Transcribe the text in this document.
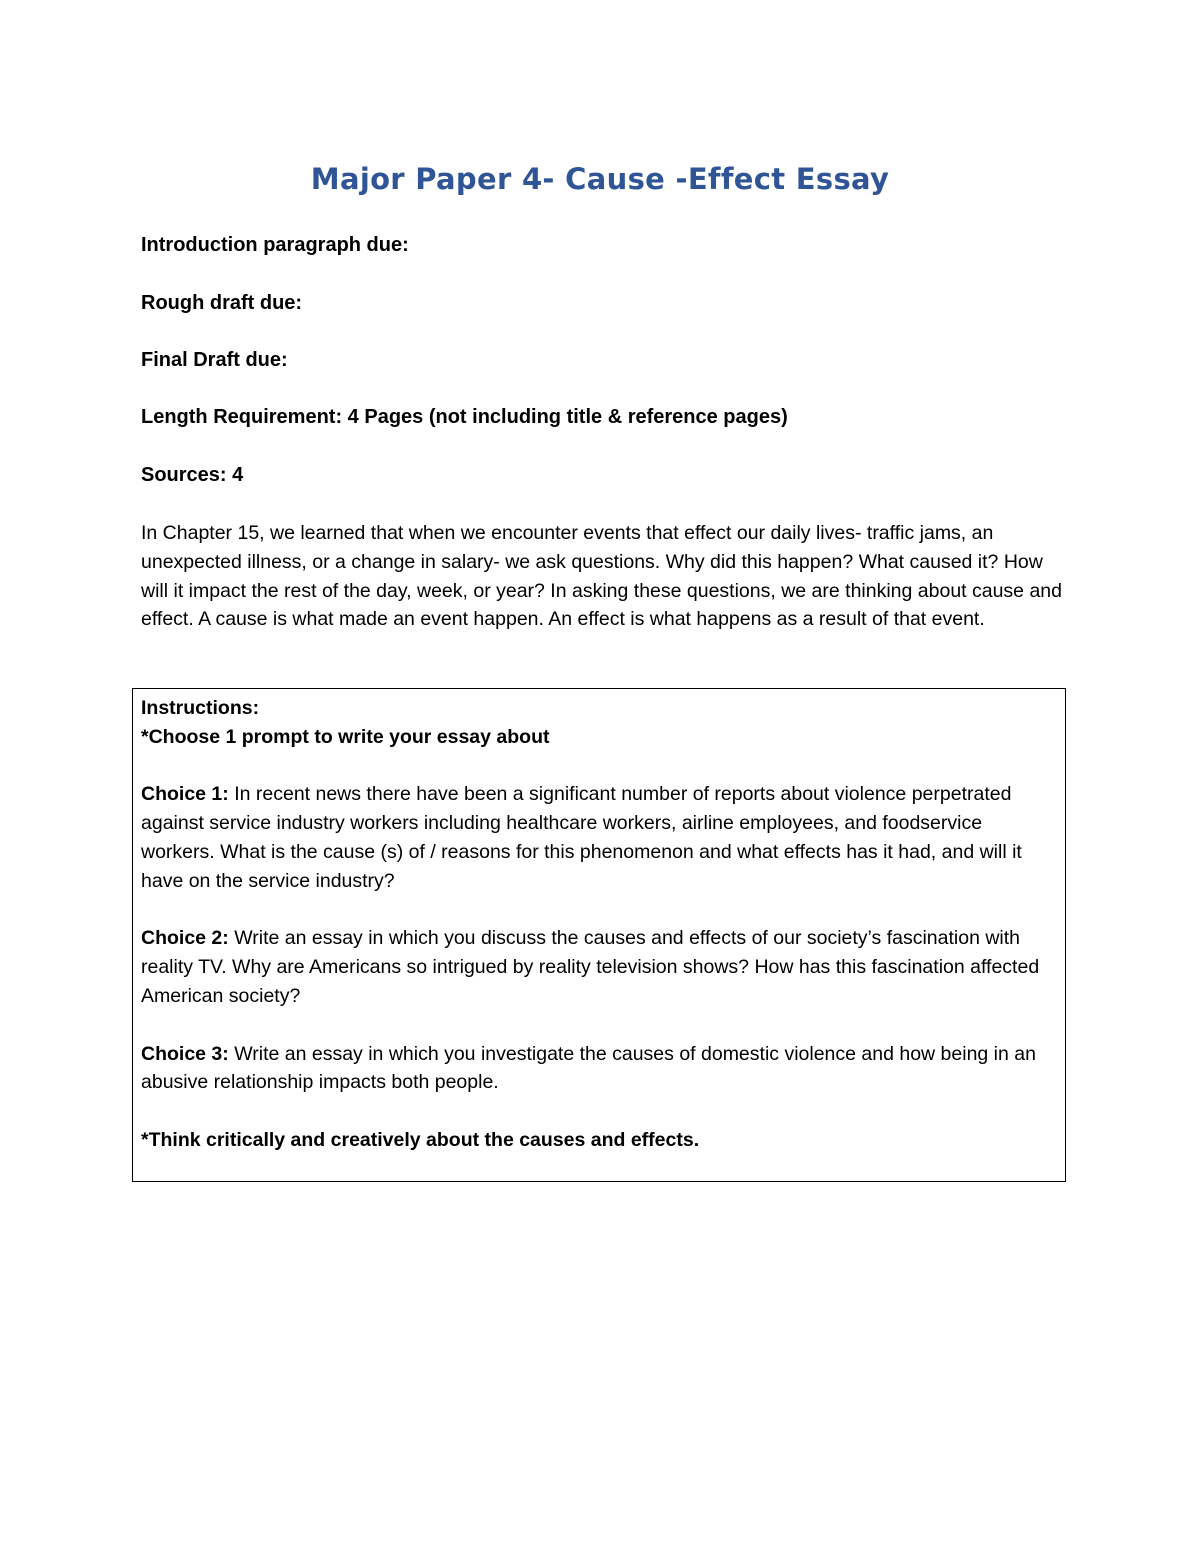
Major Paper 4- Cause -Effect Essay

Introduction paragraph due:

Rough draft due:

Final Draft due:

Length Requirement: 4 Pages (not including title & reference pages)

Sources: 4

In Chapter 15, we learned that when we encounter events that effect our daily lives- traffic jams, an unexpected illness, or a change in salary- we ask questions. Why did this happen? What caused it? How will it impact the rest of the day, week, or year? In asking these questions, we are thinking about cause and effect. A cause is what made an event happen. An effect is what happens as a result of that event.

Instructions:

*Choose 1 prompt to write your essay about

Choice 1: In recent news there have been a significant number of reports about violence perpetrated against service industry workers including healthcare workers, airline employees, and foodservice workers. What is the cause (s) of / reasons for this phenomenon and what effects has it had, and will it have on the service industry?

Choice 2: Write an essay in which you discuss the causes and effects of our society’s fascination with reality TV. Why are Americans so intrigued by reality television shows? How has this fascination affected American society?

Choice 3: Write an essay in which you investigate the causes of domestic violence and how being in an abusive relationship impacts both people.

*Think critically and creatively about the causes and effects.
